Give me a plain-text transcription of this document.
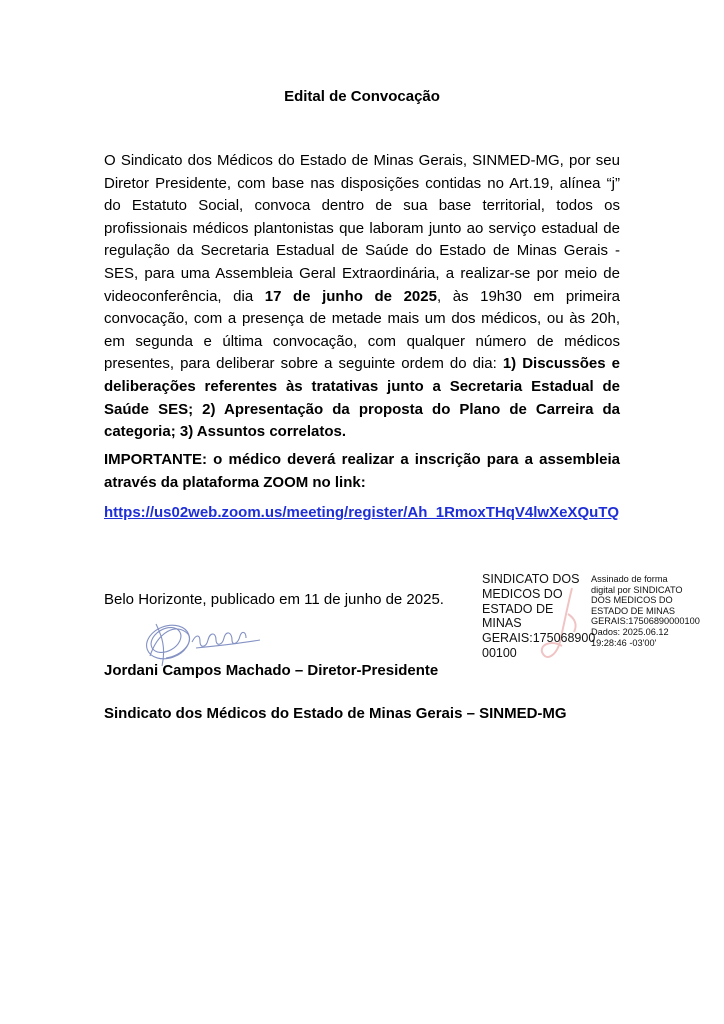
Edital de Convocação

O Sindicato dos Médicos do Estado de Minas Gerais, SINMED-MG, por seu Diretor Presidente, com base nas disposições contidas no Art.19, alínea “j” do Estatuto Social, convoca dentro de sua base territorial, todos os profissionais médicos plantonistas que laboram junto ao serviço estadual de regulação da Secretaria Estadual de Saúde do Estado de Minas Gerais - SES, para uma Assembleia Geral Extraordinária, a realizar-se por meio de videoconferência, dia 17 de junho de 2025, às 19h30 em primeira convocação, com a presença de metade mais um dos médicos, ou às 20h, em segunda e última convocação, com qualquer número de médicos presentes, para deliberar sobre a seguinte ordem do dia: 1) Discussões e deliberações referentes às tratativas junto a Secretaria Estadual de Saúde SES; 2) Apresentação da proposta do Plano de Carreira da categoria; 3) Assuntos correlatos.

IMPORTANTE: o médico deverá realizar a inscrição para a assembleia através da plataforma ZOOM no link:
https://us02web.zoom.us/meeting/register/Ah_1RmoxTHqV4lwXeXQuTQ
Belo Horizonte, publicado em 11 de junho de 2025.
Jordani Campos Machado – Diretor-Presidente
Sindicato dos Médicos do Estado de Minas Gerais – SINMED-MG
SINDICATO DOS MEDICOS DO ESTADO DE MINAS GERAIS:175068900 00100
Assinado de forma
digital por SINDICATO
DOS MEDICOS DO
ESTADO DE MINAS
GERAIS:17506890000100
Dados: 2025.06.12
19:28:46 -03'00'
